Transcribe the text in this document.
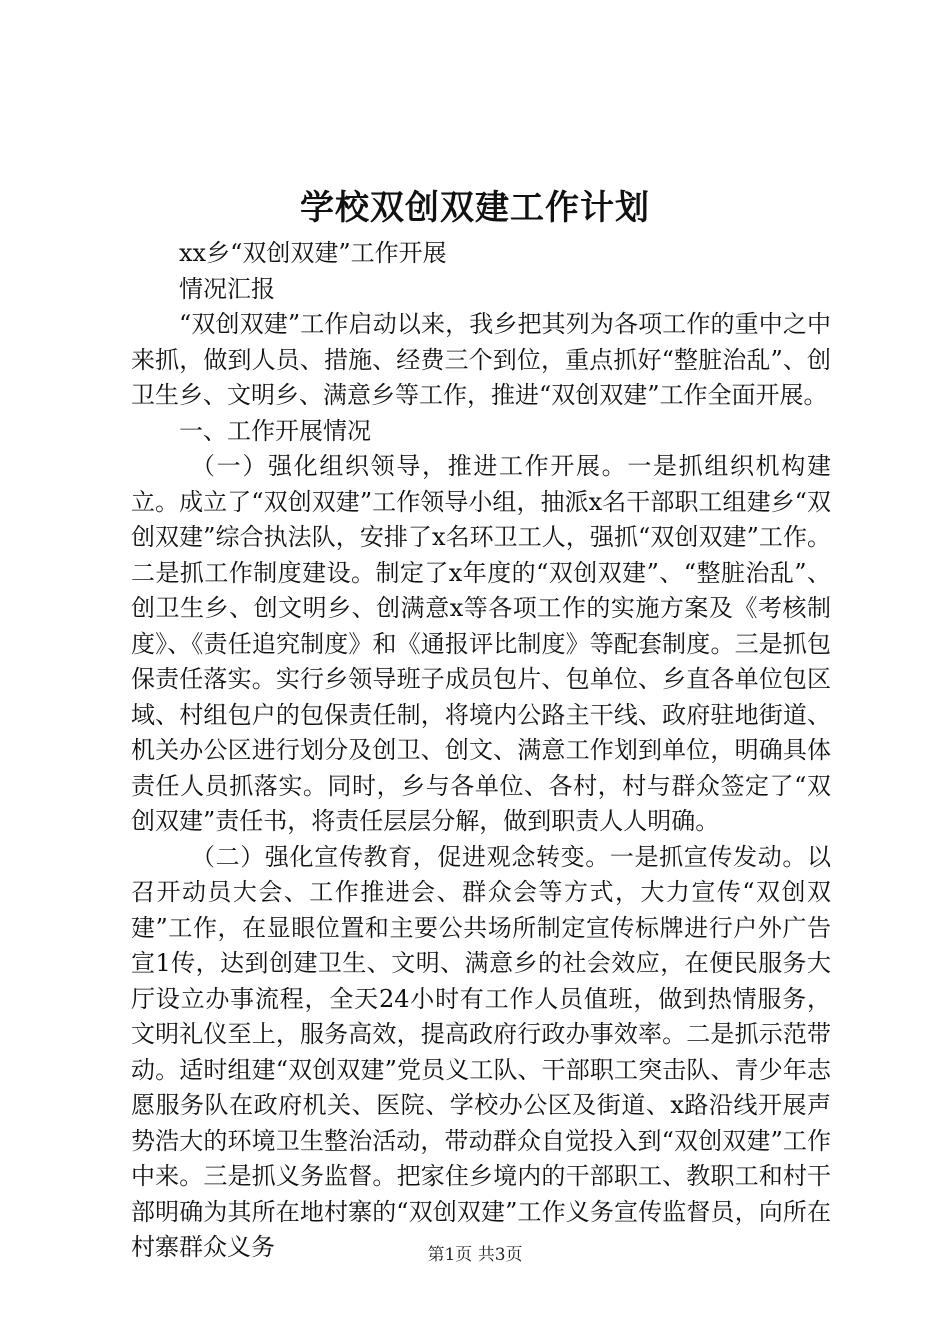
学校双创双建工作计划

xx乡“双创双建”工作开展

情况汇报

“双创双建”工作启动以来，我乡把其列为各项工作的重中之中来抓，做到人员、措施、经费三个到位，重点抓好“整脏治乱”、创卫生乡、文明乡、满意乡等工作，推进“双创双建”工作全面开展。

一、工作开展情况

（一）强化组织领导，推进工作开展。一是抓组织机构建立。成立了“双创双建”工作领导小组，抽派x名干部职工组建乡“双创双建”综合执法队，安排了x名环卫工人，强抓“双创双建”工作。二是抓工作制度建设。制定了x年度的“双创双建”、“整脏治乱”、创卫生乡、创文明乡、创满意x等各项工作的实施方案及《考核制度》、《责任追究制度》和《通报评比制度》等配套制度。三是抓包保责任落实。实行乡领导班子成员包片、包单位、乡直各单位包区域、村组包户的包保责任制，将境内公路主干线、政府驻地街道、机关办公区进行划分及创卫、创文、满意工作划到单位，明确具体责任人员抓落实。同时，乡与各单位、各村，村与群众签定了“双创双建”责任书，将责任层层分解，做到职责人人明确。

（二）强化宣传教育，促进观念转变。一是抓宣传发动。以召开动员大会、工作推进会、群众会等方式，大力宣传“双创双建”工作，在显眼位置和主要公共场所制定宣传标牌进行户外广告宣1传，达到创建卫生、文明、满意乡的社会效应，在便民服务大厅设立办事流程，全天24小时有工作人员值班，做到热情服务，文明礼仪至上，服务高效，提高政府行政办事效率。二是抓示范带动。适时组建“双创双建”党员义工队、干部职工突击队、青少年志愿服务队在政府机关、医院、学校办公区及街道、x路沿线开展声势浩大的环境卫生整治活动，带动群众自觉投入到“双创双建”工作中来。三是抓义务监督。把家住乡境内的干部职工、教职工和村干部明确为其所在地村寨的“双创双建”工作义务宣传监督员，向所在村寨群众义务	第1页 共3页
